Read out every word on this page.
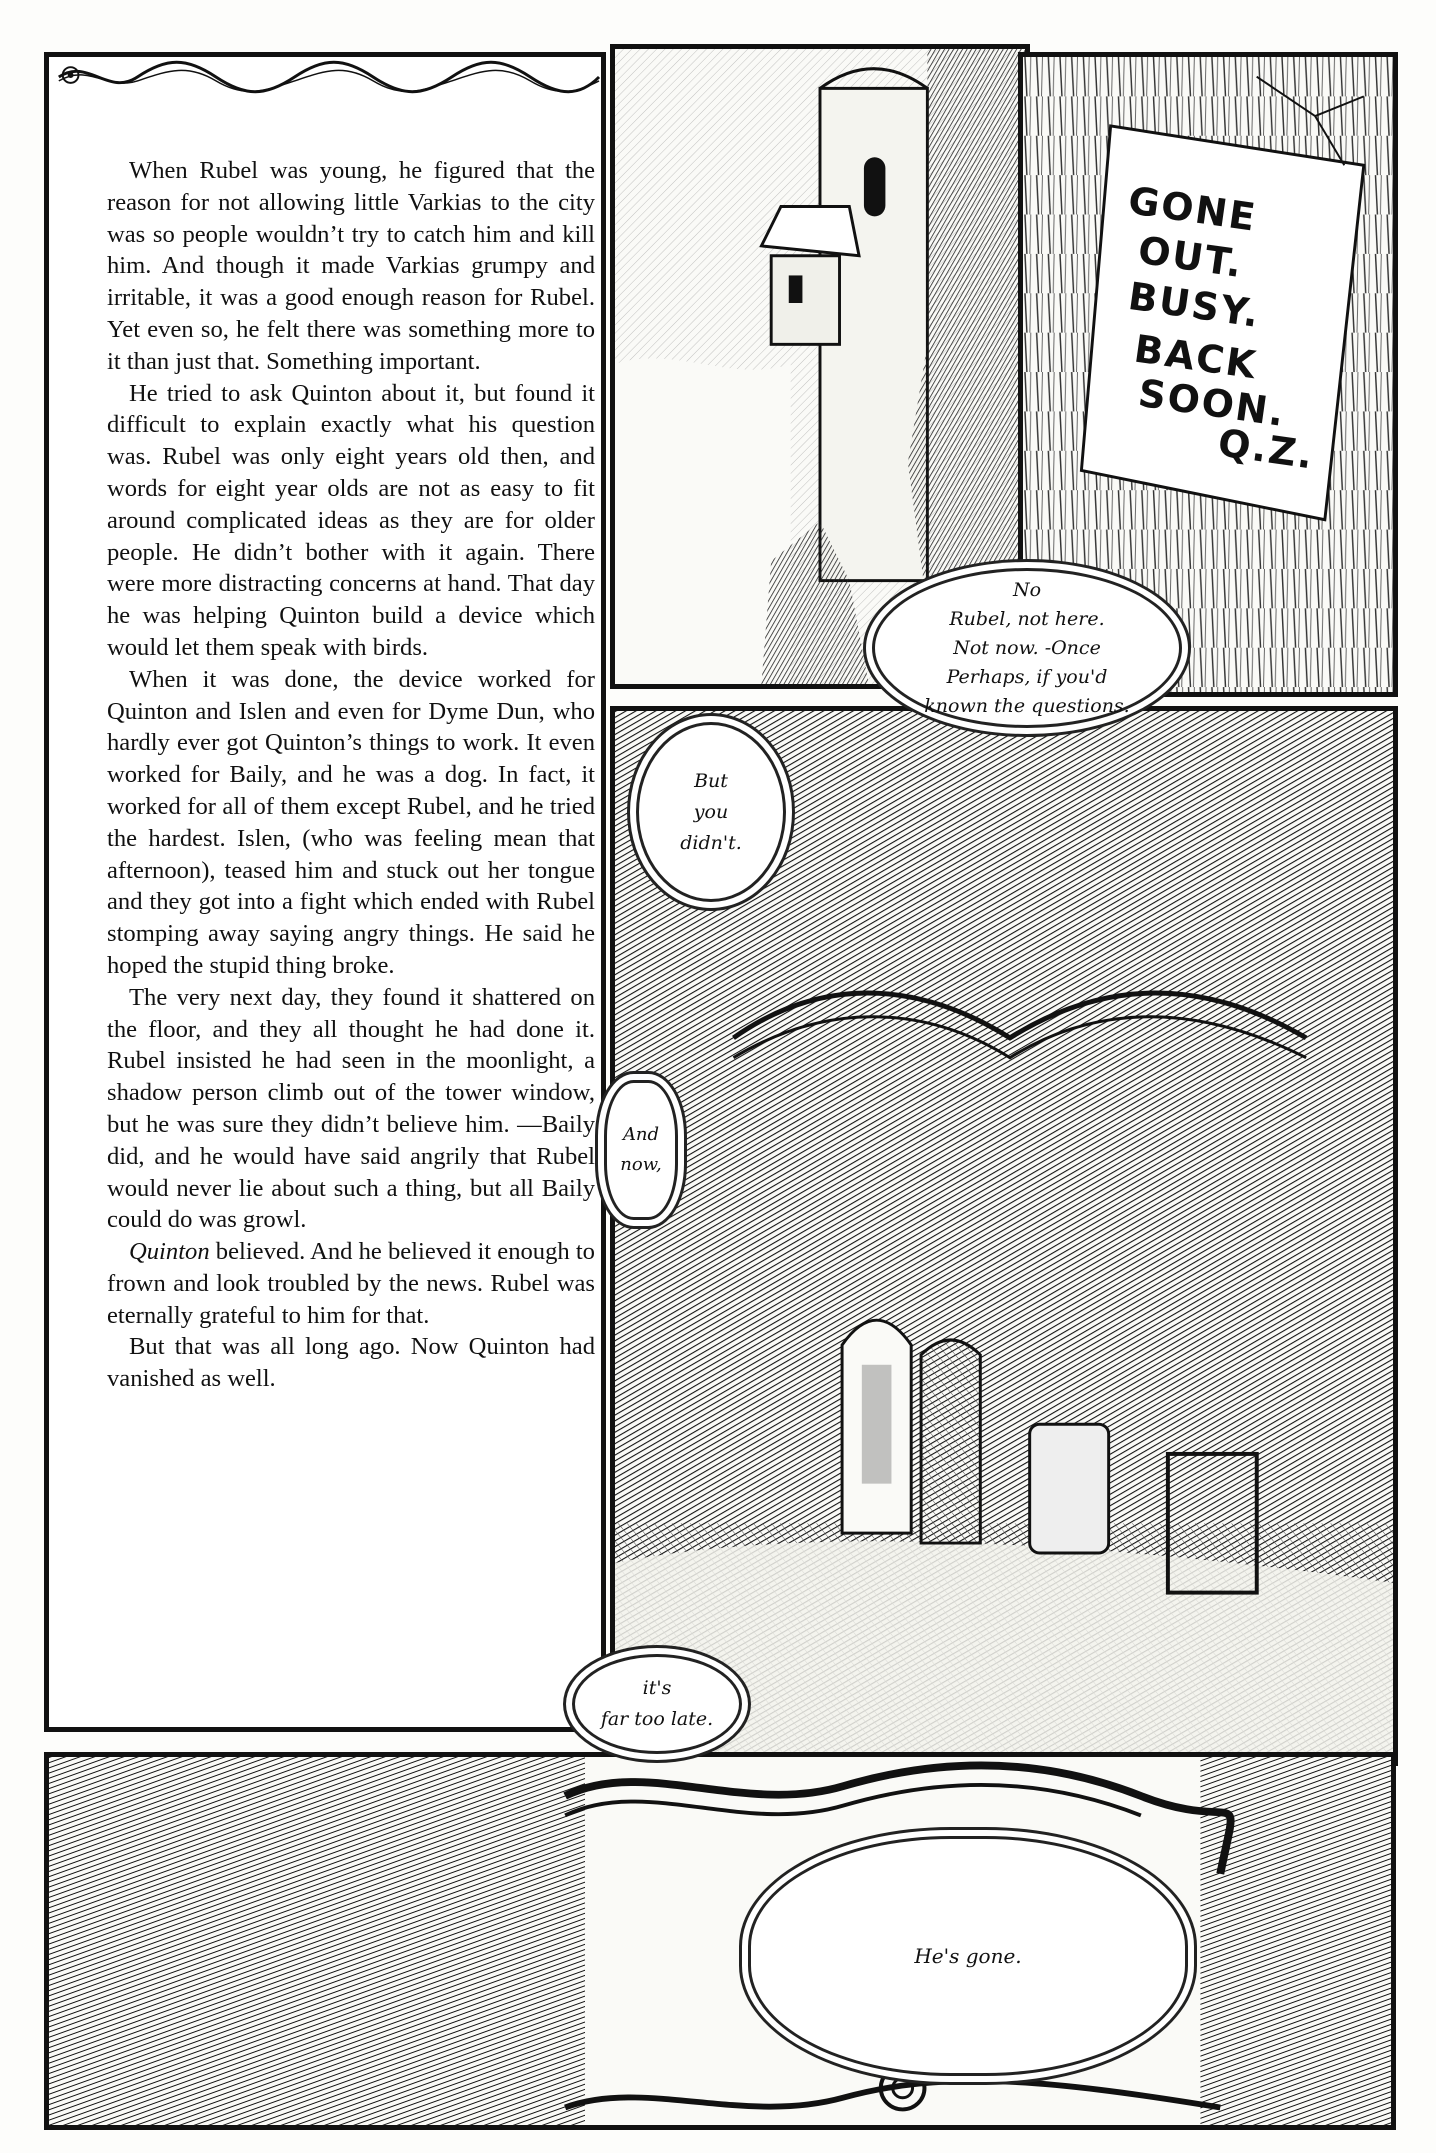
When Rubel was young, he figured that the reason for not allowing little Varkias to the city was so people wouldn’t try to catch him and kill him. And though it made Varkias grumpy and irritable, it was a good enough reason for Rubel. Yet even so, he felt there was something more to it than just that. Something important.

He tried to ask Quinton about it, but found it difficult to explain exactly what his question was. Rubel was only eight years old then, and words for eight year olds are not as easy to fit around complicated ideas as they are for older people. He didn’t bother with it again. There were more distracting concerns at hand. That day he was helping Quinton build a device which would let them speak with birds.

When it was done, the device worked for Quinton and Islen and even for Dyme Dun, who hardly ever got Quinton’s things to work. It even worked for Baily, and he was a dog. In fact, it worked for all of them except Rubel, and he tried the hardest. Islen, (who was feeling mean that afternoon), teased him and stuck out her tongue and they got into a fight which ended with Rubel stomping away saying angry things. He said he hoped the stupid thing broke.

The very next day, they found it shattered on the floor, and they all thought he had done it. Rubel insisted he had seen in the moonlight, a shadow person climb out of the tower window, but he was sure they didn’t believe him. —Baily did, and he would have said angrily that Rubel would never lie about such a thing, but all Baily could do was growl.

Quinton believed. And he believed it enough to frown and look troubled by the news. Rubel was eternally grateful to him for that.

But that was all long ago. Now Quinton had vanished as well.

GONE
OUT.
BUSY.
BACK
SOON.
Q.Z.
No
Rubel, not here.
Not now. -Once
Perhaps, if you'd
known the questions.
But
you
didn't.
And
now,
it's
far too late.
He's gone.
